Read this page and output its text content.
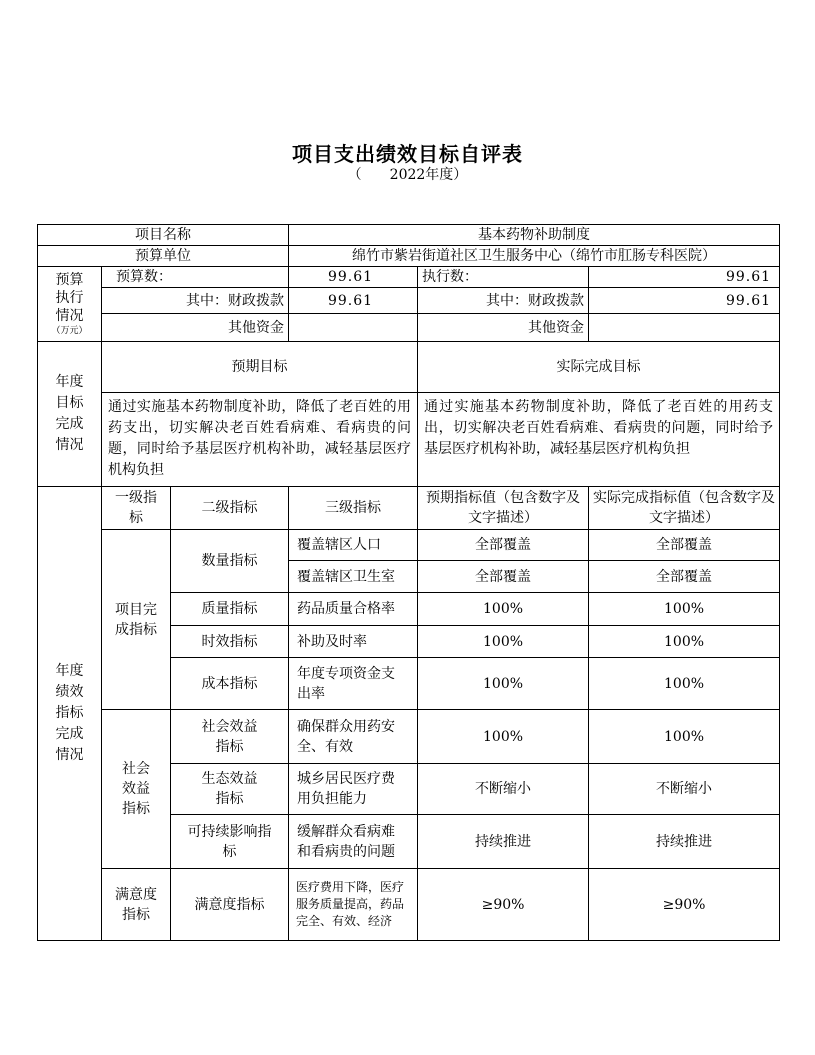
项目支出绩效目标自评表
（ 2022年度）
项目名称			基本药物补助制度		
预算单位			绵竹市紫岩街道社区卫生服务中心（绵竹市肛肠专科医院）		

预算
执行
情况
（万元）	预算数：		99.61	执行数：	99.61
	其中：财政拨款		99.61	其中：财政拨款	99.61
	其他资金			其他资金	
年度目标完成情况	预期目标			实际完成目标	
	通过实施基本药物制度补助，降低了老百姓的用药支出，切实解决老百姓看病难、看病贵的问题，同时给予基层医疗机构补助，减轻基层医疗机构负担			通过实施基本药物制度补助，降低了老百姓的用药支出，切实解决老百姓看病难、看病贵的问题，同时给予基层医疗机构补助，减轻基层医疗机构负担	
年度绩效指标完成情况	一级指标	二级指标	三级指标	预期指标值（包含数字及文字描述）	实际完成指标值（包含数字及文字描述）
	项目完成指标	数量指标	覆盖辖区人口	全部覆盖	全部覆盖
			覆盖辖区卫生室	全部覆盖	全部覆盖
		质量指标	药品质量合格率	100%	100%
		时效指标	补助及时率	100%	100%
		成本指标	年度专项资金支出率	100%	100%
	社会效益指标	社会效益指标	确保群众用药安全、有效	100%	100%
		生态效益指标	城乡居民医疗费用负担能力	不断缩小	不断缩小
		可持续影响指标	缓解群众看病难和看病贵的问题	持续推进	持续推进
	满意度指标	满意度指标	医疗费用下降，医疗服务质量提高，药品完全、有效、经济	≥90%	≥90%
